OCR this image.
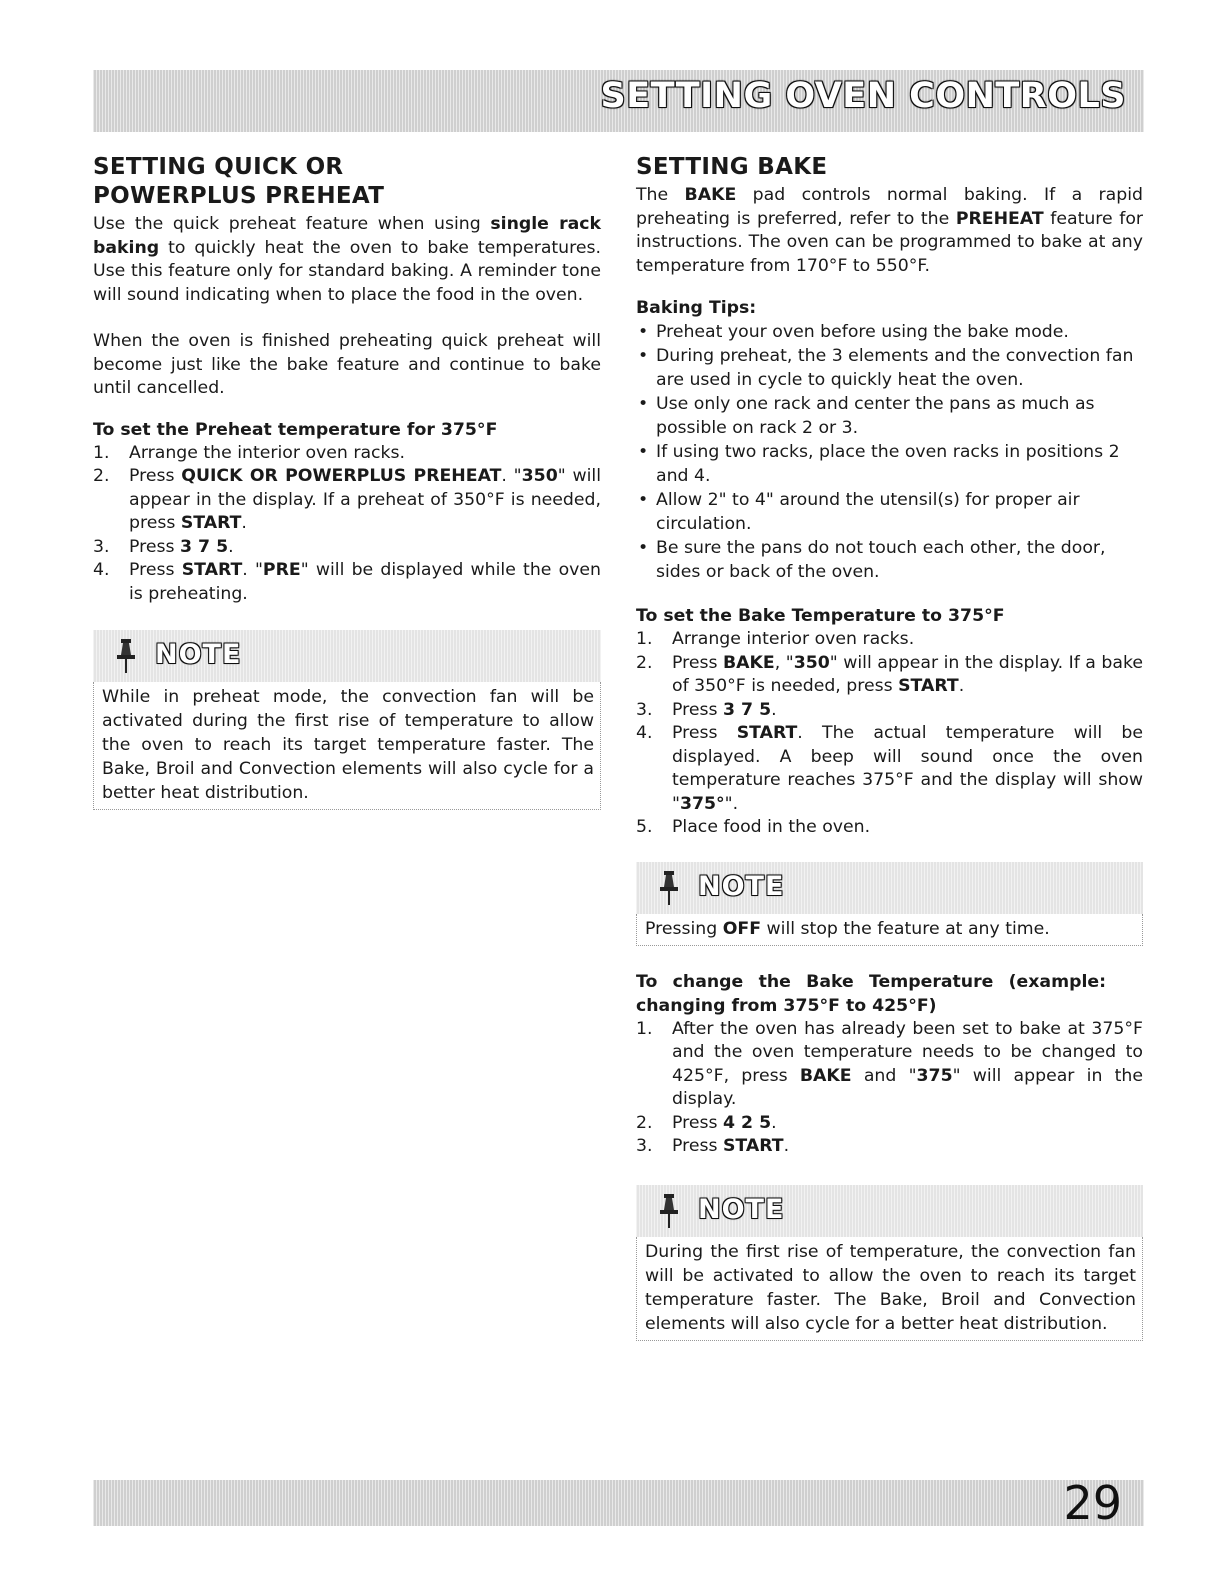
SETTING OVEN CONTROLS
SETTING QUICK OR POWERPLUS PREHEAT

Use the quick preheat feature when using single rack baking to quickly heat the oven to bake temperatures. Use this feature only for standard baking. A reminder tone will sound indicating when to place the food in the oven.

When the oven is finished preheating quick preheat will become just like the bake feature and continue to bake until cancelled.

To set the Preheat temperature for 375°F

1. Arrange the interior oven racks.
2. Press QUICK OR POWERPLUS PREHEAT. "350" will appear in the display. If a preheat of 350°F is needed, press START.
3. Press 3 7 5.
4. Press START. "PRE" will be displayed while the oven is preheating.
NOTE

While in preheat mode, the convection fan will be activated during the first rise of temperature to allow the oven to reach its target temperature faster. The Bake, Broil and Convection elements will also cycle for a better heat distribution.

SETTING BAKE

The BAKE pad controls normal baking. If a rapid preheating is preferred, refer to the PREHEAT feature for instructions. The oven can be programmed to bake at any temperature from 170°F to 550°F.

Baking Tips:

• Preheat your oven before using the bake mode.
• During preheat, the 3 elements and the convection fan are used in cycle to quickly heat the oven.
• Use only one rack and center the pans as much as possible on rack 2 or 3.
• If using two racks, place the oven racks in positions 2 and 4.
• Allow 2" to 4" around the utensil(s) for proper air circulation.
• Be sure the pans do not touch each other, the door, sides or back of the oven.

To set the Bake Temperature to 375°F

1. Arrange interior oven racks.
2. Press BAKE, "350" will appear in the display. If a bake of 350°F is needed, press START.
3. Press 3 7 5.
4. Press START. The actual temperature will be displayed. A beep will sound once the oven temperature reaches 375°F and the display will show "375°".
5. Place food in the oven.
NOTE

Pressing OFF will stop the feature at any time.

To change the Bake Temperature (example: changing from 375°F to 425°F)

1. After the oven has already been set to bake at 375°F and the oven temperature needs to be changed to 425°F, press BAKE and "375" will appear in the display.
2. Press 4 2 5.
3. Press START.
NOTE

During the first rise of temperature, the convection fan will be activated to allow the oven to reach its target temperature faster. The Bake, Broil and Convection elements will also cycle for a better heat distribution.

29
